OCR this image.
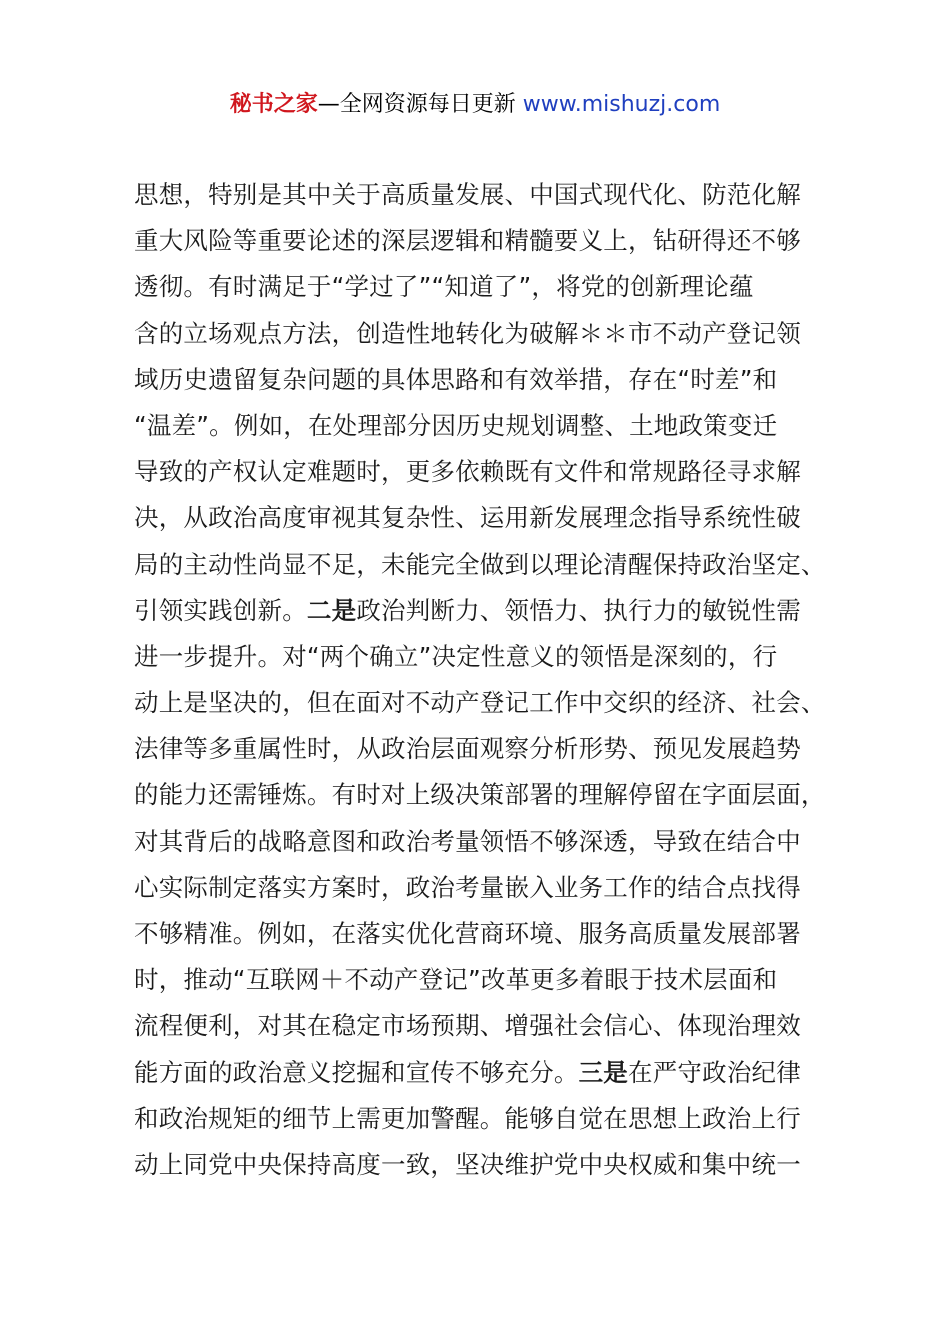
秘书之家—全网资源每日更新 www.mishuzj.com
思想，特别是其中关于高质量发展、中国式现代化、防范化解
重大风险等重要论述的深层逻辑和精髓要义上，钻研得还不够
透彻。有时满足于“学过了”“知道了”，将党的创新理论蕴
含的立场观点方法，创造性地转化为破解＊＊市不动产登记领
域历史遗留复杂问题的具体思路和有效举措，存在“时差”和
“温差”。例如，在处理部分因历史规划调整、土地政策变迁
导致的产权认定难题时，更多依赖既有文件和常规路径寻求解
决，从政治高度审视其复杂性、运用新发展理念指导系统性破
局的主动性尚显不足，未能完全做到以理论清醒保持政治坚定、
引领实践创新。二是政治判断力、领悟力、执行力的敏锐性需
进一步提升。对“两个确立”决定性意义的领悟是深刻的，行
动上是坚决的，但在面对不动产登记工作中交织的经济、社会、
法律等多重属性时，从政治层面观察分析形势、预见发展趋势
的能力还需锤炼。有时对上级决策部署的理解停留在字面层面，
对其背后的战略意图和政治考量领悟不够深透，导致在结合中
心实际制定落实方案时，政治考量嵌入业务工作的结合点找得
不够精准。例如，在落实优化营商环境、服务高质量发展部署
时，推动“互联网＋不动产登记”改革更多着眼于技术层面和
流程便利，对其在稳定市场预期、增强社会信心、体现治理效
能方面的政治意义挖掘和宣传不够充分。三是在严守政治纪律
和政治规矩的细节上需更加警醒。能够自觉在思想上政治上行
动上同党中央保持高度一致，坚决维护党中央权威和集中统一
